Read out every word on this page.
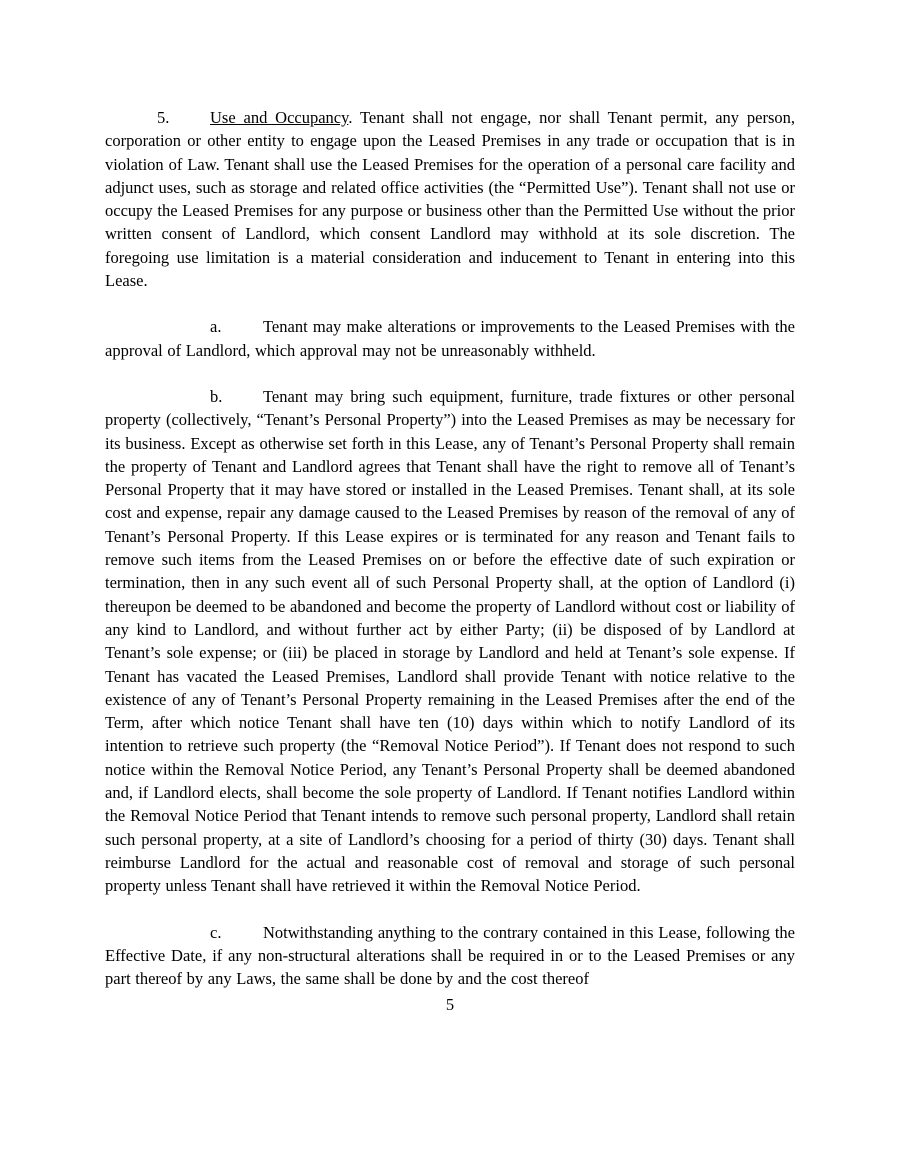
5. Use and Occupancy. Tenant shall not engage, nor shall Tenant permit, any person, corporation or other entity to engage upon the Leased Premises in any trade or occupation that is in violation of Law. Tenant shall use the Leased Premises for the operation of a personal care facility and adjunct uses, such as storage and related office activities (the “Permitted Use”). Tenant shall not use or occupy the Leased Premises for any purpose or business other than the Permitted Use without the prior written consent of Landlord, which consent Landlord may withhold at its sole discretion. The foregoing use limitation is a material consideration and inducement to Tenant in entering into this Lease.

a.	Tenant may make alterations or improvements to the Leased Premises with the approval of Landlord, which approval may not be unreasonably withheld.

b. Tenant may bring such equipment, furniture, trade fixtures or other personal property (collectively, “Tenant’s Personal Property”) into the Leased Premises as may be necessary for its business. Except as otherwise set forth in this Lease, any of Tenant’s Personal Property shall remain the property of Tenant and Landlord agrees that Tenant shall have the right to remove all of Tenant’s Personal Property that it may have stored or installed in the Leased Premises. Tenant shall, at its sole cost and expense, repair any damage caused to the Leased Premises by reason of the removal of any of Tenant’s Personal Property. If this Lease expires or is terminated for any reason and Tenant fails to remove such items from the Leased Premises on or before the effective date of such expiration or termination, then in any such event all of such Personal Property shall, at the option of Landlord (i) thereupon be deemed to be abandoned and become the property of Landlord without cost or liability of any kind to Landlord, and without further act by either Party; (ii) be disposed of by Landlord at Tenant’s sole expense; or (iii) be placed in storage by Landlord and held at Tenant’s sole expense. If Tenant has vacated the Leased Premises, Landlord shall provide Tenant with notice relative to the existence of any of Tenant’s Personal Property remaining in the Leased Premises after the end of the Term, after which notice Tenant shall have ten (10) days within which to notify Landlord of its intention to retrieve such property (the “Removal Notice Period”). If Tenant does not respond to such notice within the Removal Notice Period, any Tenant’s Personal Property shall be deemed abandoned and, if Landlord elects, shall become the sole property of Landlord. If Tenant notifies Landlord within the Removal Notice Period that Tenant intends to remove such personal property, Landlord shall retain such personal property, at a site of Landlord’s choosing for a period of thirty (30) days. Tenant shall reimburse Landlord for the actual and reasonable cost of removal and storage of such personal property unless Tenant shall have retrieved it within the Removal Notice Period.

c.	Notwithstanding anything to the contrary contained in this Lease, following the Effective Date, if any non-structural alterations shall be required in or to the Leased Premises or any part thereof by any Laws, the same shall be done by and the cost thereof

5
